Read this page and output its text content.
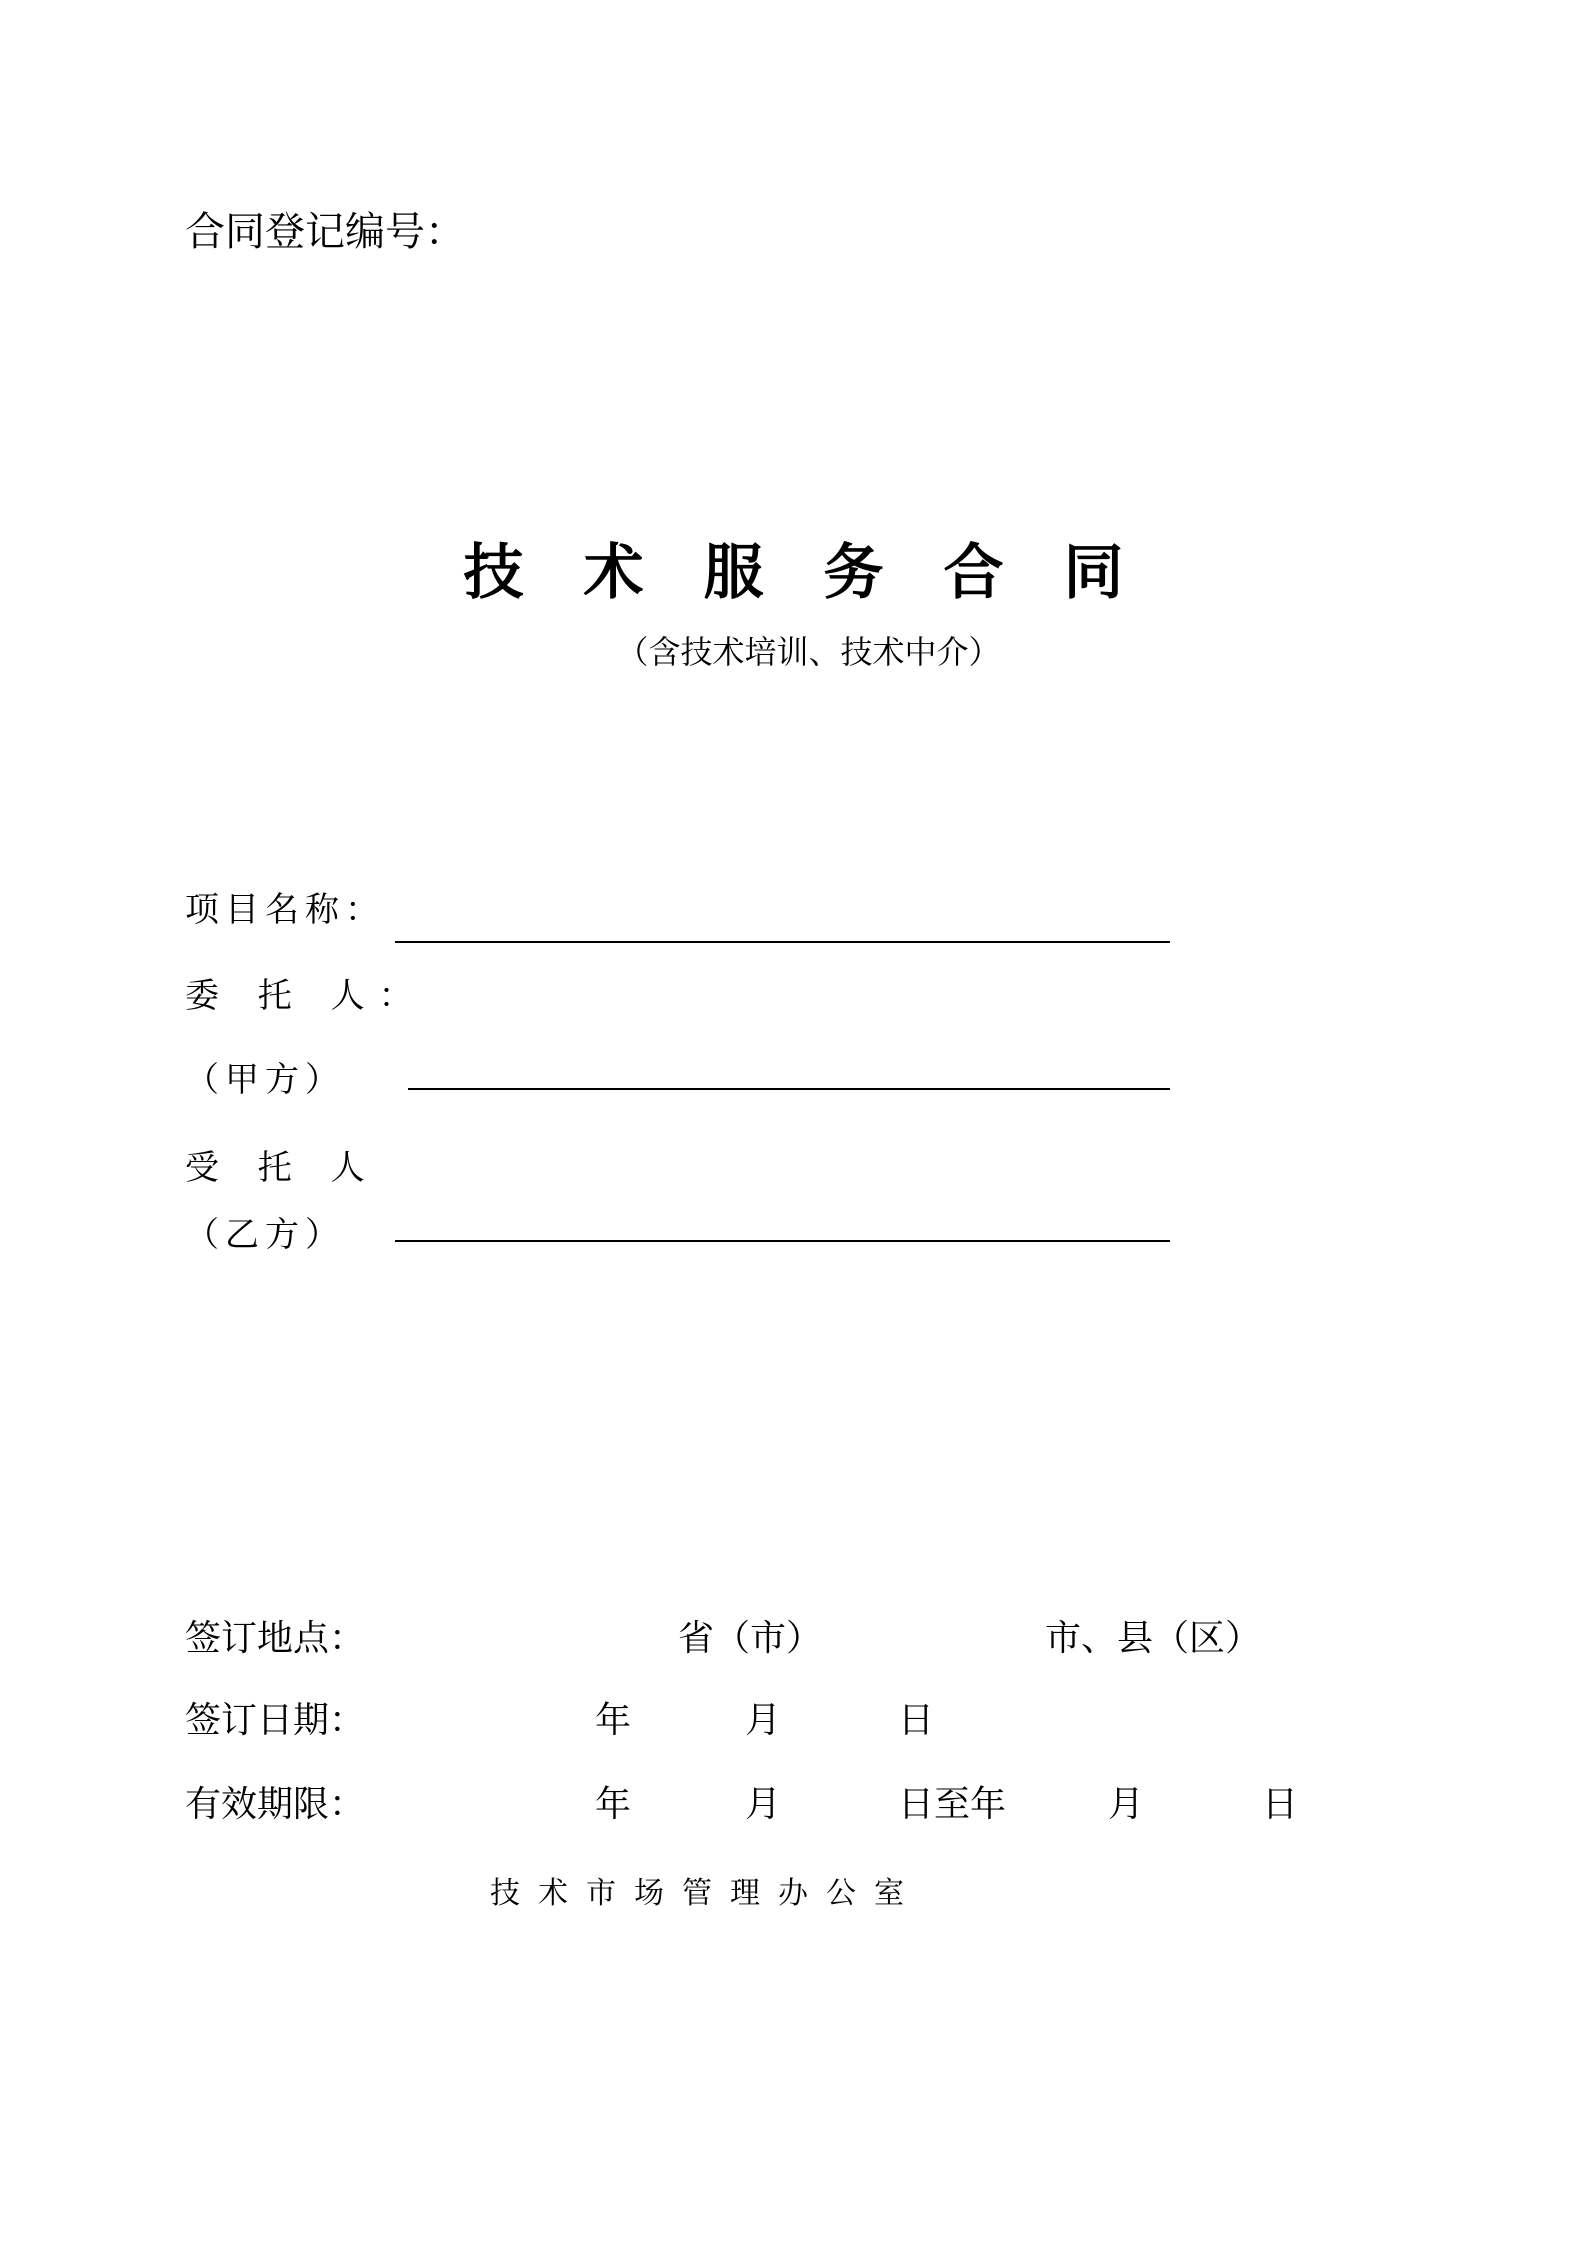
合同登记编号：
技术服务合同
（含技术培训、技术中介）
项目名称：
委 托 人：
（甲方）
受 托 人
（乙方）
签订地点：	省（市）	市、县（区）
签订日期：	年	月	日
有效期限：	年	月	日至年	月	日
技术市场管理办公室
